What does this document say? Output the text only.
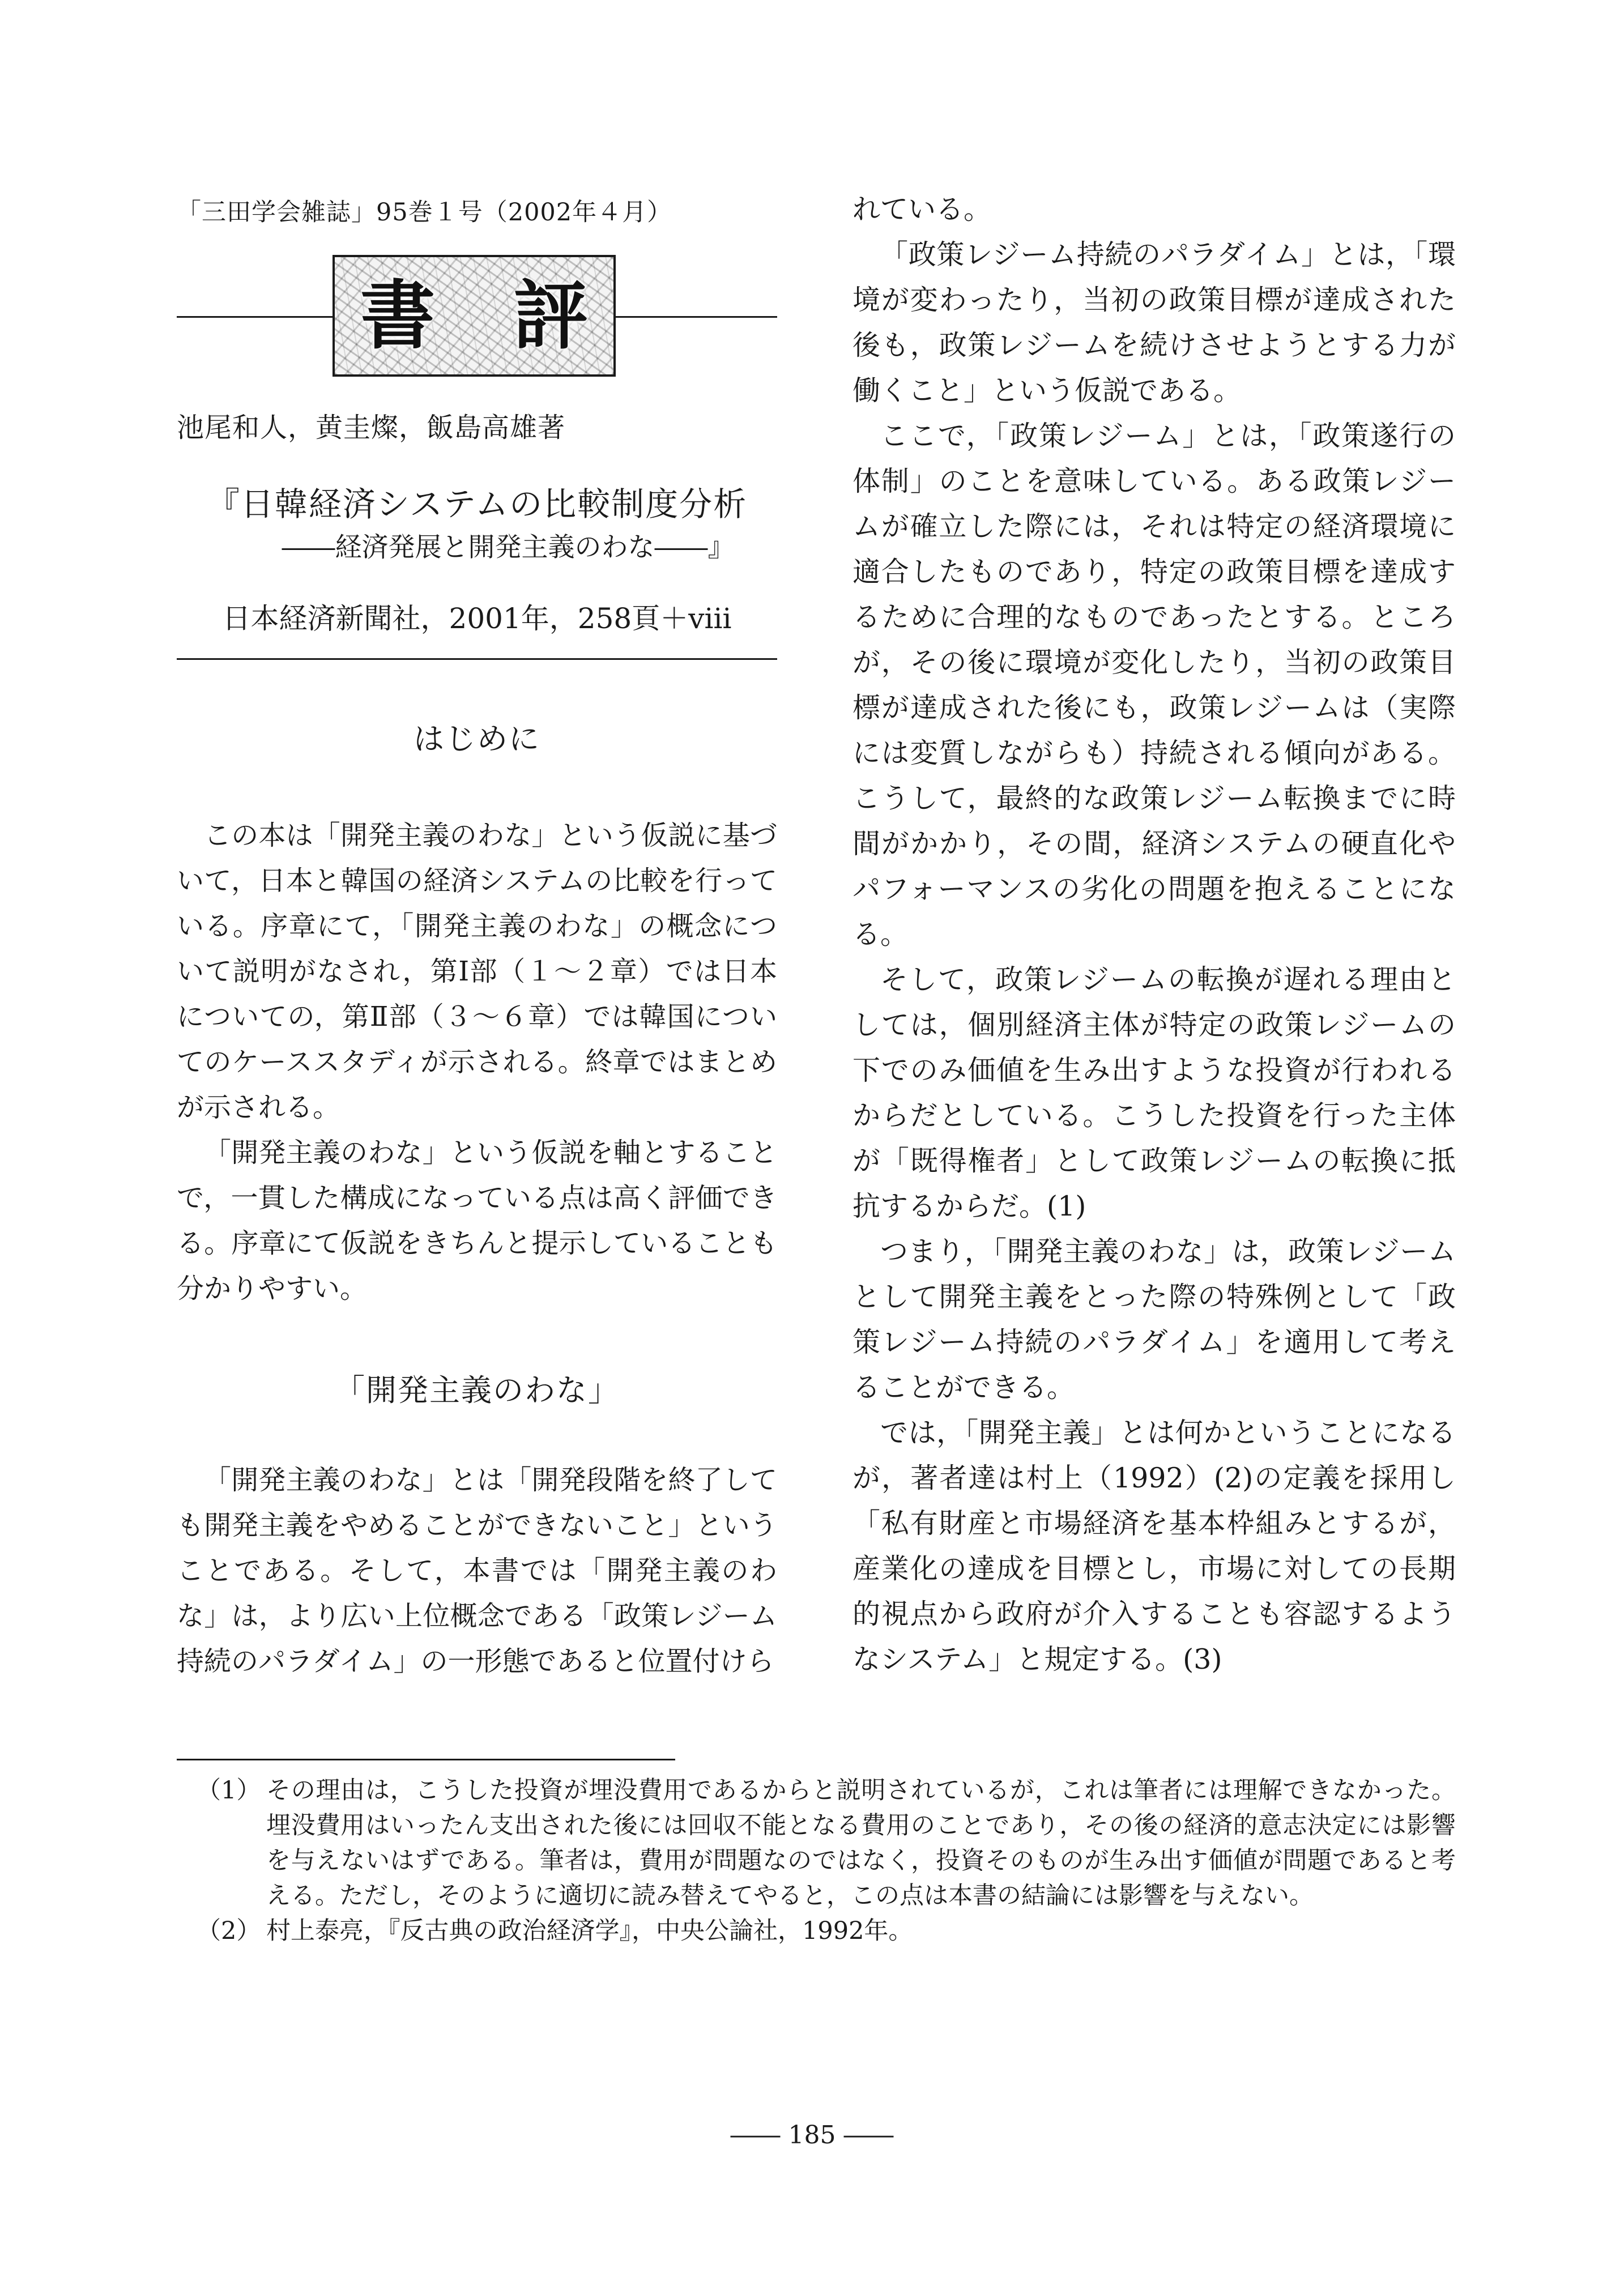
「三田学会雑誌」95巻１号（2002年４月）
書 評
池尾和人，黄圭燦，飯島高雄著
『日韓経済システムの比較制度分析
――経済発展と開発主義のわな――』
日本経済新聞社，2001年，258頁＋viii
はじめに

この本は「開発主義のわな」という仮説に基づいて，日本と韓国の経済システムの比較を行っている。序章にて，「開発主義のわな」の概念について説明がなされ，第Ⅰ部（１～２章）では日本についての，第Ⅱ部（３～６章）では韓国についてのケーススタディが示される。終章ではまとめが示される。

「開発主義のわな」という仮説を軸とすることで，一貫した構成になっている点は高く評価できる。序章にて仮説をきちんと提示していることも分かりやすい。

「開発主義のわな」

「開発主義のわな」とは「開発段階を終了しても開発主義をやめることができないこと」ということである。そして，本書では「開発主義のわな」は，より広い上位概念である「政策レジーム持続のパラダイム」の一形態であると位置付けら

れている。

「政策レジーム持続のパラダイム」とは，「環境が変わったり，当初の政策目標が達成された後も，政策レジームを続けさせようとする力が働くこと」という仮説である。

ここで，「政策レジーム」とは，「政策遂行の体制」のことを意味している。ある政策レジームが確立した際には，それは特定の経済環境に適合したものであり，特定の政策目標を達成するために合理的なものであったとする。ところが，その後に環境が変化したり，当初の政策目標が達成された後にも，政策レジームは（実際には変質しながらも）持続される傾向がある。こうして，最終的な政策レジーム転換までに時間がかかり，その間，経済システムの硬直化やパフォーマンスの劣化の問題を抱えることになる。

そして，政策レジームの転換が遅れる理由としては，個別経済主体が特定の政策レジームの下でのみ価値を生み出すような投資が行われるからだとしている。こうした投資を行った主体が「既得権者」として政策レジームの転換に抵抗するからだ。(1)

つまり，「開発主義のわな」は，政策レジームとして開発主義をとった際の特殊例として「政策レジーム持続のパラダイム」を適用して考えることができる。

では，「開発主義」とは何かということになるが，著者達は村上（1992）(2)の定義を採用し「私有財産と市場経済を基本枠組みとするが，産業化の達成を目標とし，市場に対しての長期的視点から政府が介入することも容認するようなシステム」と規定する。(3)

（1） その理由は，こうした投資が埋没費用であるからと説明されているが，これは筆者には理解できなかった。埋没費用はいったん支出された後には回収不能となる費用のことであり，その後の経済的意志決定には影響を与えないはずである。筆者は，費用が問題なのではなく，投資そのものが生み出す価値が問題であると考える。ただし，そのように適切に読み替えてやると，この点は本書の結論には影響を与えない。
（2） 村上泰亮，『反古典の政治経済学』，中央公論社，1992年。
―― 185 ――
